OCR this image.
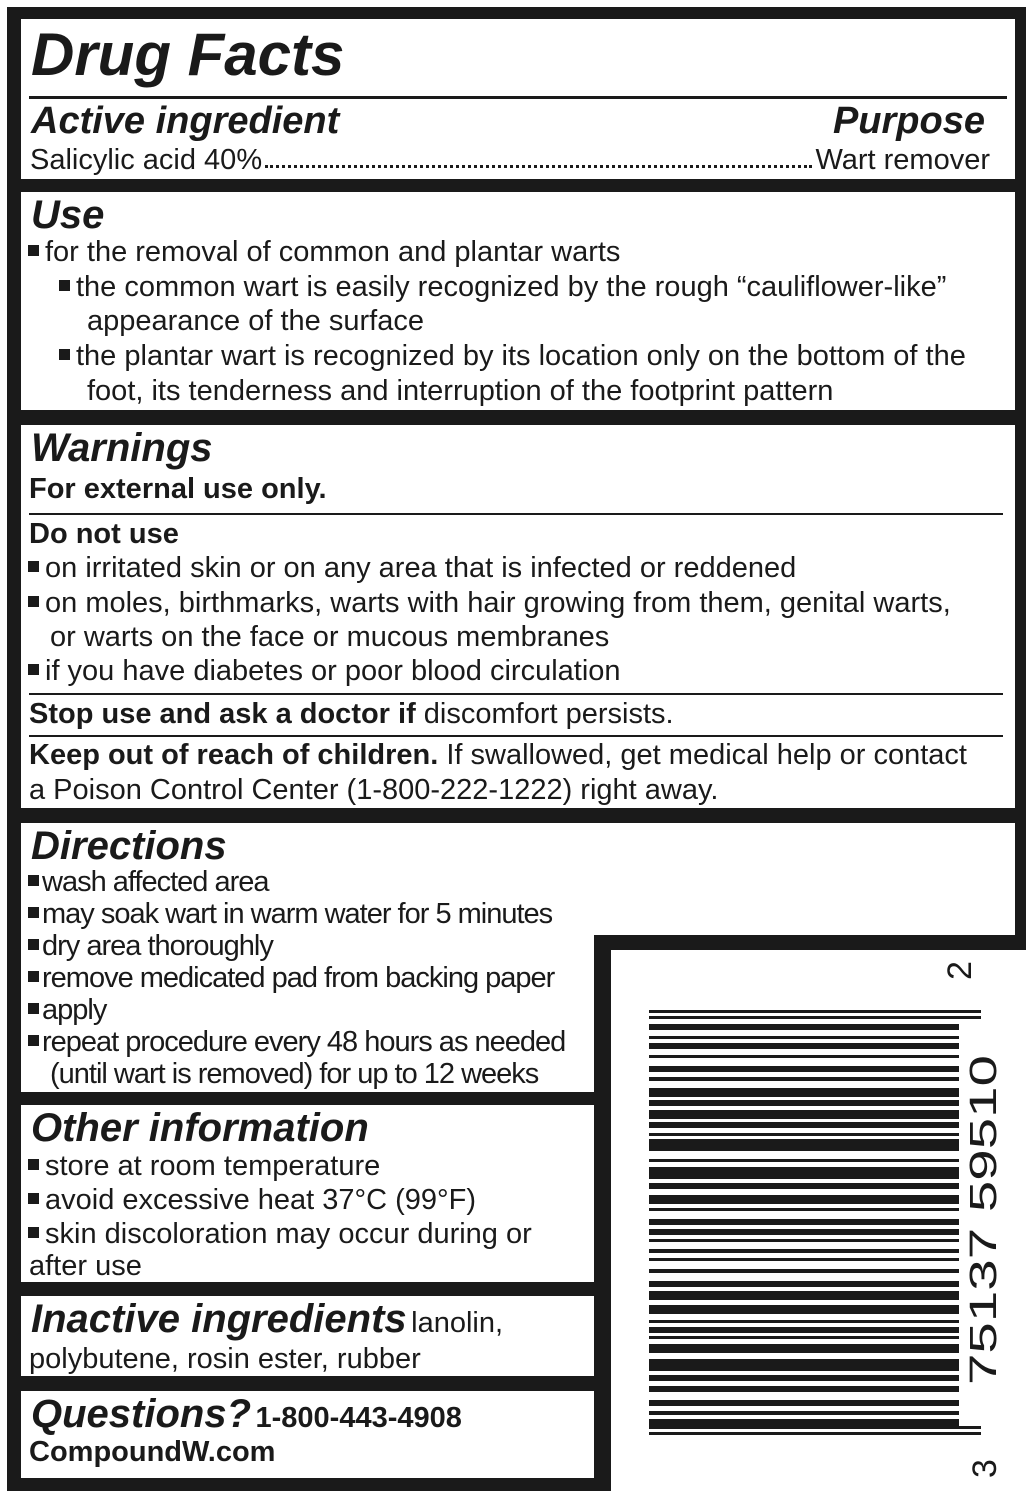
Drug Facts
Active ingredient	Purpose
Salicylic acid 40%	Wart remover
Use
for the removal of common and plantar warts
the common wart is easily recognized by the rough “cauliflower-like”
appearance of the surface
the plantar wart is recognized by its location only on the bottom of the
foot, its tenderness and interruption of the footprint pattern
Warnings
For external use only.
Do not use
on irritated skin or on any area that is infected or reddened
on moles, birthmarks, warts with hair growing from them, genital warts,
or warts on the face or mucous membranes
if you have diabetes or poor blood circulation
Stop use and ask a doctor if discomfort persists.
Keep out of reach of children. If swallowed, get medical help or contact
a Poison Control Center (1-800-222-1222) right away.
Directions
wash affected area
may soak wart in warm water for 5 minutes
dry area thoroughly
remove medicated pad from backing paper
apply
repeat procedure every 48 hours as needed
(until wart is removed) for up to 12 weeks
Other information
store at room temperature
avoid excessive heat 37°C (99°F)
skin discoloration may occur during or
after use
Inactive ingredients lanolin,
polybutene, rosin ester, rubber
Questions? 1-800-443-4908
CompoundW.com
2
75137 59510
3
